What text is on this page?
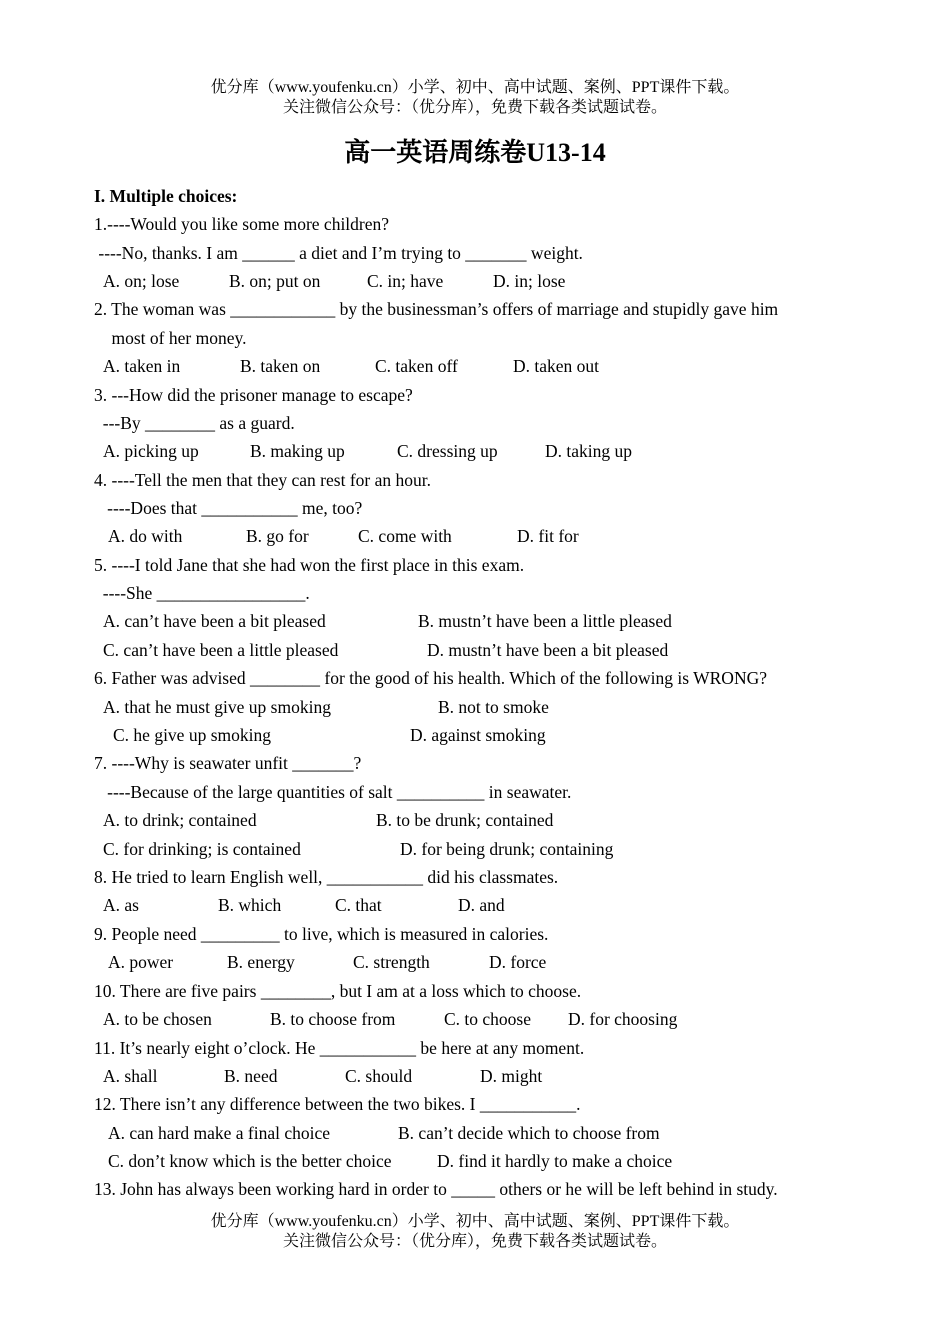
优分库（www.youfenku.cn）小学、初中、高中试题、案例、PPT课件下载。
关注微信公众号：（优分库），免费下载各类试题试卷。
高一英语周练卷U13-14
I. Multiple choices:
1.----Would you like some more children?
----No, thanks. I am ______ a diet and I’m trying to _______ weight.
A. on; lose	B. on; put on	C. in; have	D. in; lose
2. The woman was ____________ by the businessman’s offers of marriage and stupidly gave him
most of her money.
A. taken in	B. taken on	C. taken off	D. taken out
3. ---How did the prisoner manage to escape?
---By ________ as a guard.
A. picking up	B. making up	C. dressing up	D. taking up
4. ----Tell the men that they can rest for an hour.
----Does that ___________ me, too?
A. do with	B. go for	C. come with	D. fit for
5. ----I told Jane that she had won the first place in this exam.
----She _________________.
A. can’t have been a bit pleased	B. mustn’t have been a little pleased
C. can’t have been a little pleased	D. mustn’t have been a bit pleased
6. Father was advised ________ for the good of his health. Which of the following is WRONG?
A. that he must give up smoking	B. not to smoke
C. he give up smoking	D. against smoking
7. ----Why is seawater unfit _______?
----Because of the large quantities of salt __________ in seawater.
A. to drink; contained	B. to be drunk; contained
C. for drinking; is contained	D. for being drunk; containing
8. He tried to learn English well, ___________ did his classmates.
A. as	B. which	C. that	D. and
9. People need _________ to live, which is measured in calories.
A. power	B. energy	C. strength	D. force
10. There are five pairs ________, but I am at a loss which to choose.
A. to be chosen	B. to choose from	C. to choose D. for choosing
11. It’s nearly eight o’clock. He ___________ be here at any moment.
A. shall	B. need	C. should	D. might
12. There isn’t any difference between the two bikes. I ___________.
A. can hard make a final choice	B. can’t decide which to choose from
C. don’t know which is the better choice	D. find it hardly to make a choice
13. John has always been working hard in order to _____ others or he will be left behind in study.
优分库（www.youfenku.cn）小学、初中、高中试题、案例、PPT课件下载。
关注微信公众号：（优分库），免费下载各类试题试卷。
